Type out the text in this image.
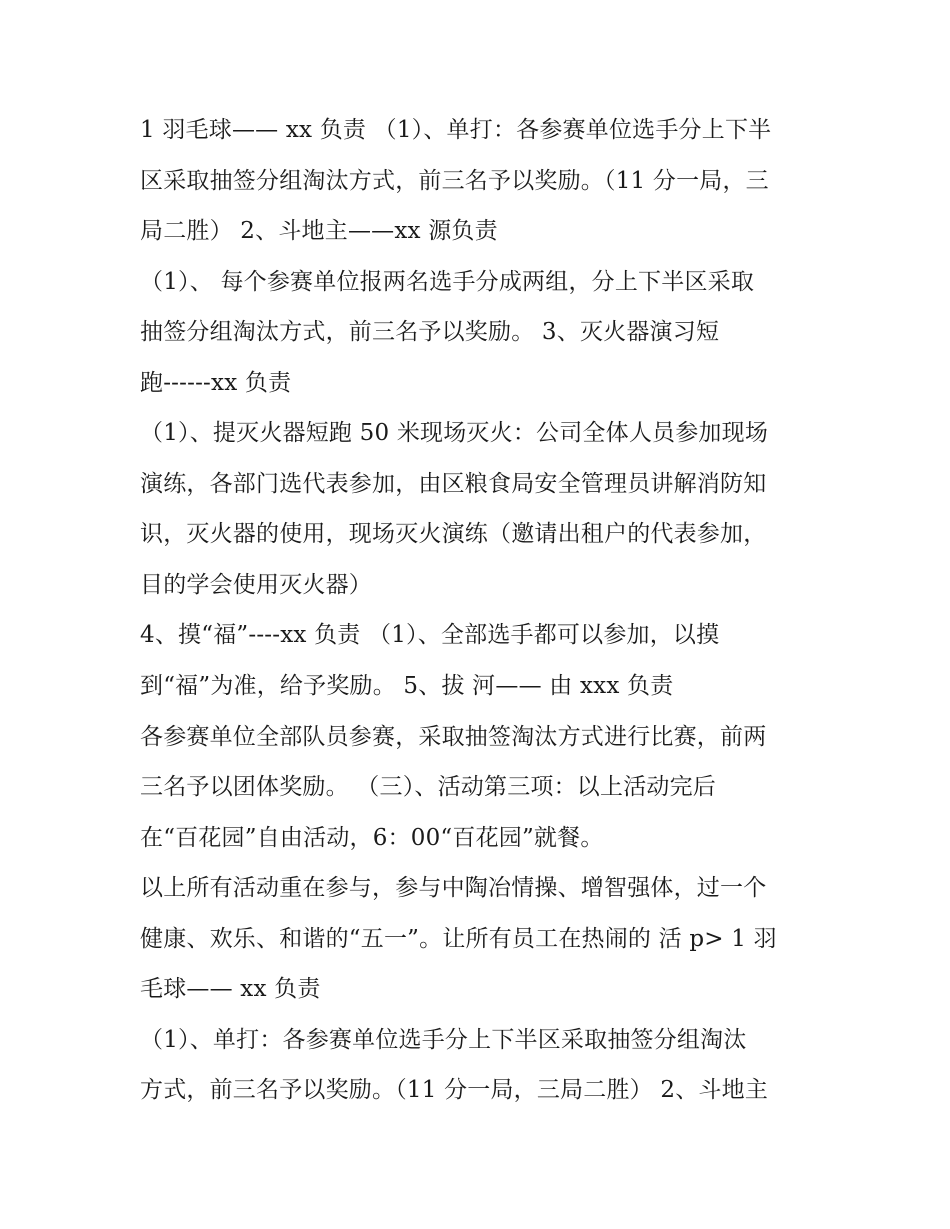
1 羽毛球—— xx 负责 （1）、单打：各参赛单位选手分上下半
区采取抽签分组淘汰方式，前三名予以奖励。（11 分一局，三
局二胜） 2、斗地主——xx 源负责
（1）、 每个参赛单位报两名选手分成两组，分上下半区采取
抽签分组淘汰方式，前三名予以奖励。 3、灭火器演习短
跑------xx 负责
（1）、提灭火器短跑 50 米现场灭火：公司全体人员参加现场
演练，各部门选代表参加，由区粮食局安全管理员讲解消防知
识，灭火器的使用，现场灭火演练（邀请出租户的代表参加，
目的学会使用灭火器）
4、摸“福”----xx 负责 （1）、全部选手都可以参加，以摸
到“福”为准，给予奖励。 5、拔 河—— 由 xxx 负责
各参赛单位全部队员参赛，采取抽签淘汰方式进行比赛，前两
三名予以团体奖励。 （三）、活动第三项：以上活动完后
在“百花园”自由活动，6：00“百花园”就餐。
以上所有活动重在参与，参与中陶冶情操、增智强体，过一个
健康、欢乐、和谐的“五一”。让所有员工在热闹的 活 p> 1 羽
毛球—— xx 负责
（1）、单打：各参赛单位选手分上下半区采取抽签分组淘汰
方式，前三名予以奖励。（11 分一局，三局二胜） 2、斗地主
